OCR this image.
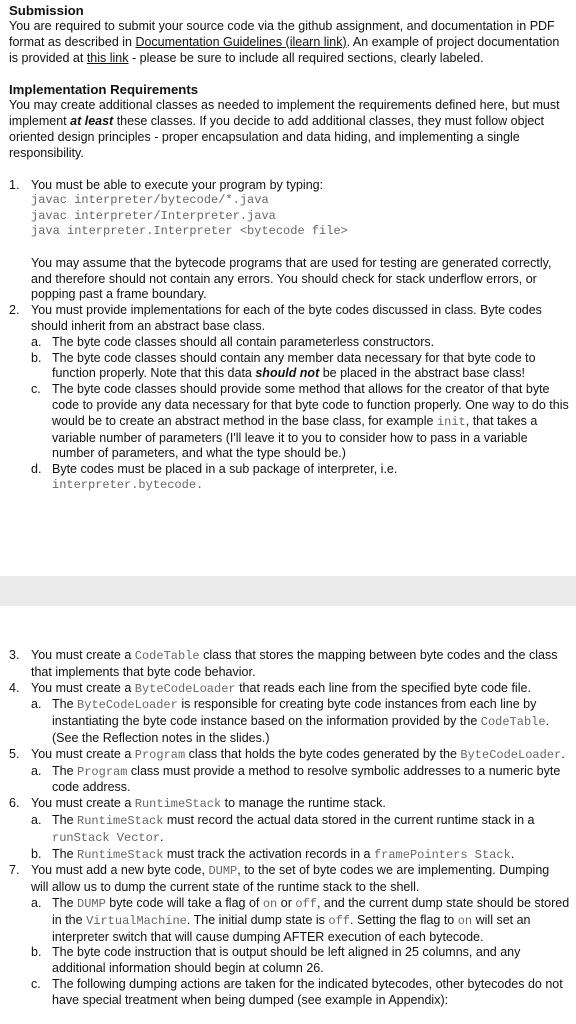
Submission

You are required to submit your source code via the github assignment, and documentation in PDF format as described in Documentation Guidelines (ilearn link). An example of project documentation is provided at this link - please be sure to include all required sections, clearly labeled.

Implementation Requirements

You may create additional classes as needed to implement the requirements defined here, but must implement at least these classes. If you decide to add additional classes, they must follow object oriented design principles - proper encapsulation and data hiding, and implementing a single responsibility.

1. You must be able to execute your program by typing:

javac interpreter/bytecode/*.java
javac interpreter/Interpreter.java
java interpreter.Interpreter <bytecode file>

You may assume that the bytecode programs that are used for testing are generated correctly, and therefore should not contain any errors. You should check for stack underflow errors, or popping past a frame boundary.

2. You must provide implementations for each of the byte codes discussed in class. Byte codes should inherit from an abstract base class.

a. The byte code classes should all contain parameterless constructors.

b. The byte code classes should contain any member data necessary for that byte code to function properly. Note that this data should not be placed in the abstract base class!

c. The byte code classes should provide some method that allows for the creator of that byte code to provide any data necessary for that byte code to function properly. One way to do this would be to create an abstract method in the base class, for example init, that takes a variable number of parameters (I'll leave it to you to consider how to pass in a variable number of parameters, and what the type should be.)

d. Byte codes must be placed in a sub package of interpreter, i.e.

interpreter.bytecode.
3. You must create a CodeTable class that stores the mapping between byte codes and the class that implements that byte code behavior.

4. You must create a ByteCodeLoader that reads each line from the specified byte code file.

a. The ByteCodeLoader is responsible for creating byte code instances from each line by instantiating the byte code instance based on the information provided by the CodeTable. (See the Reflection notes in the slides.)

5. You must create a Program class that holds the byte codes generated by the ByteCodeLoader.

a. The Program class must provide a method to resolve symbolic addresses to a numeric byte code address.

6. You must create a RuntimeStack to manage the runtime stack.

a. The RuntimeStack must record the actual data stored in the current runtime stack in a runStack Vector.

b. The RuntimeStack must track the activation records in a framePointers Stack.

7. You must add a new byte code, DUMP, to the set of byte codes we are implementing. Dumping will allow us to dump the current state of the runtime stack to the shell.

a. The DUMP byte code will take a flag of on or off, and the current dump state should be stored in the VirtualMachine. The initial dump state is off. Setting the flag to on will set an interpreter switch that will cause dumping AFTER execution of each bytecode.

b. The byte code instruction that is output should be left aligned in 25 columns, and any additional information should begin at column 26.

c. The following dumping actions are taken for the indicated bytecodes, other bytecodes do not have special treatment when being dumped (see example in Appendix):
